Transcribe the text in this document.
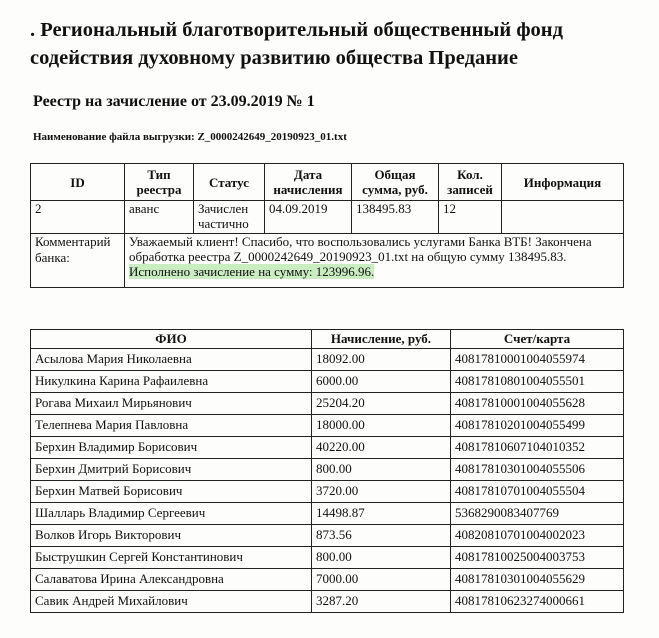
. Региональный благотворительный общественный фонд содействия духовному развитию общества Предание
Реестр на зачисление от 23.09.2019 № 1
Наименование файла выгрузки: Z_0000242649_20190923_01.txt
ID	Тип реестра	Статус	Дата начисления	Общая сумма, руб.	Кол. записей	Информация
2	аванс	Зачислен частично	04.09.2019	138495.83	12	
Комментарий банка:	Уважаемый клиент! Спасибо, что воспользовались услугами Банка ВТБ! Закончена обработка реестра Z_0000242649_20190923_01.txt на общую сумму 138495.83. Исполнено зачисление на сумму: 123996.96.					
ФИО	Начисление, руб.	Счет/карта
Асылова Мария Николаевна	18092.00	40817810001004055974
Никулкина Карина Рафаилевна	6000.00	40817810801004055501
Рогава Михаил Мирьянович	25204.20	40817810001004055628
Телепнева Мария Павловна	18000.00	40817810201004055499
Берхин Владимир Борисович	40220.00	40817810607104010352
Берхин Дмитрий Борисович	800.00	40817810301004055506
Берхин Матвей Борисович	3720.00	40817810701004055504
Шалларь Владимир Сергеевич	14498.87	5368290083407769
Волков Игорь Викторович	873.56	40820810701004002023
Быструшкин Сергей Константинович	800.00	40817810025004003753
Салаватова Ирина Александровна	7000.00	40817810301004055629
Савик Андрей Михайлович	3287.20	40817810623274000661
